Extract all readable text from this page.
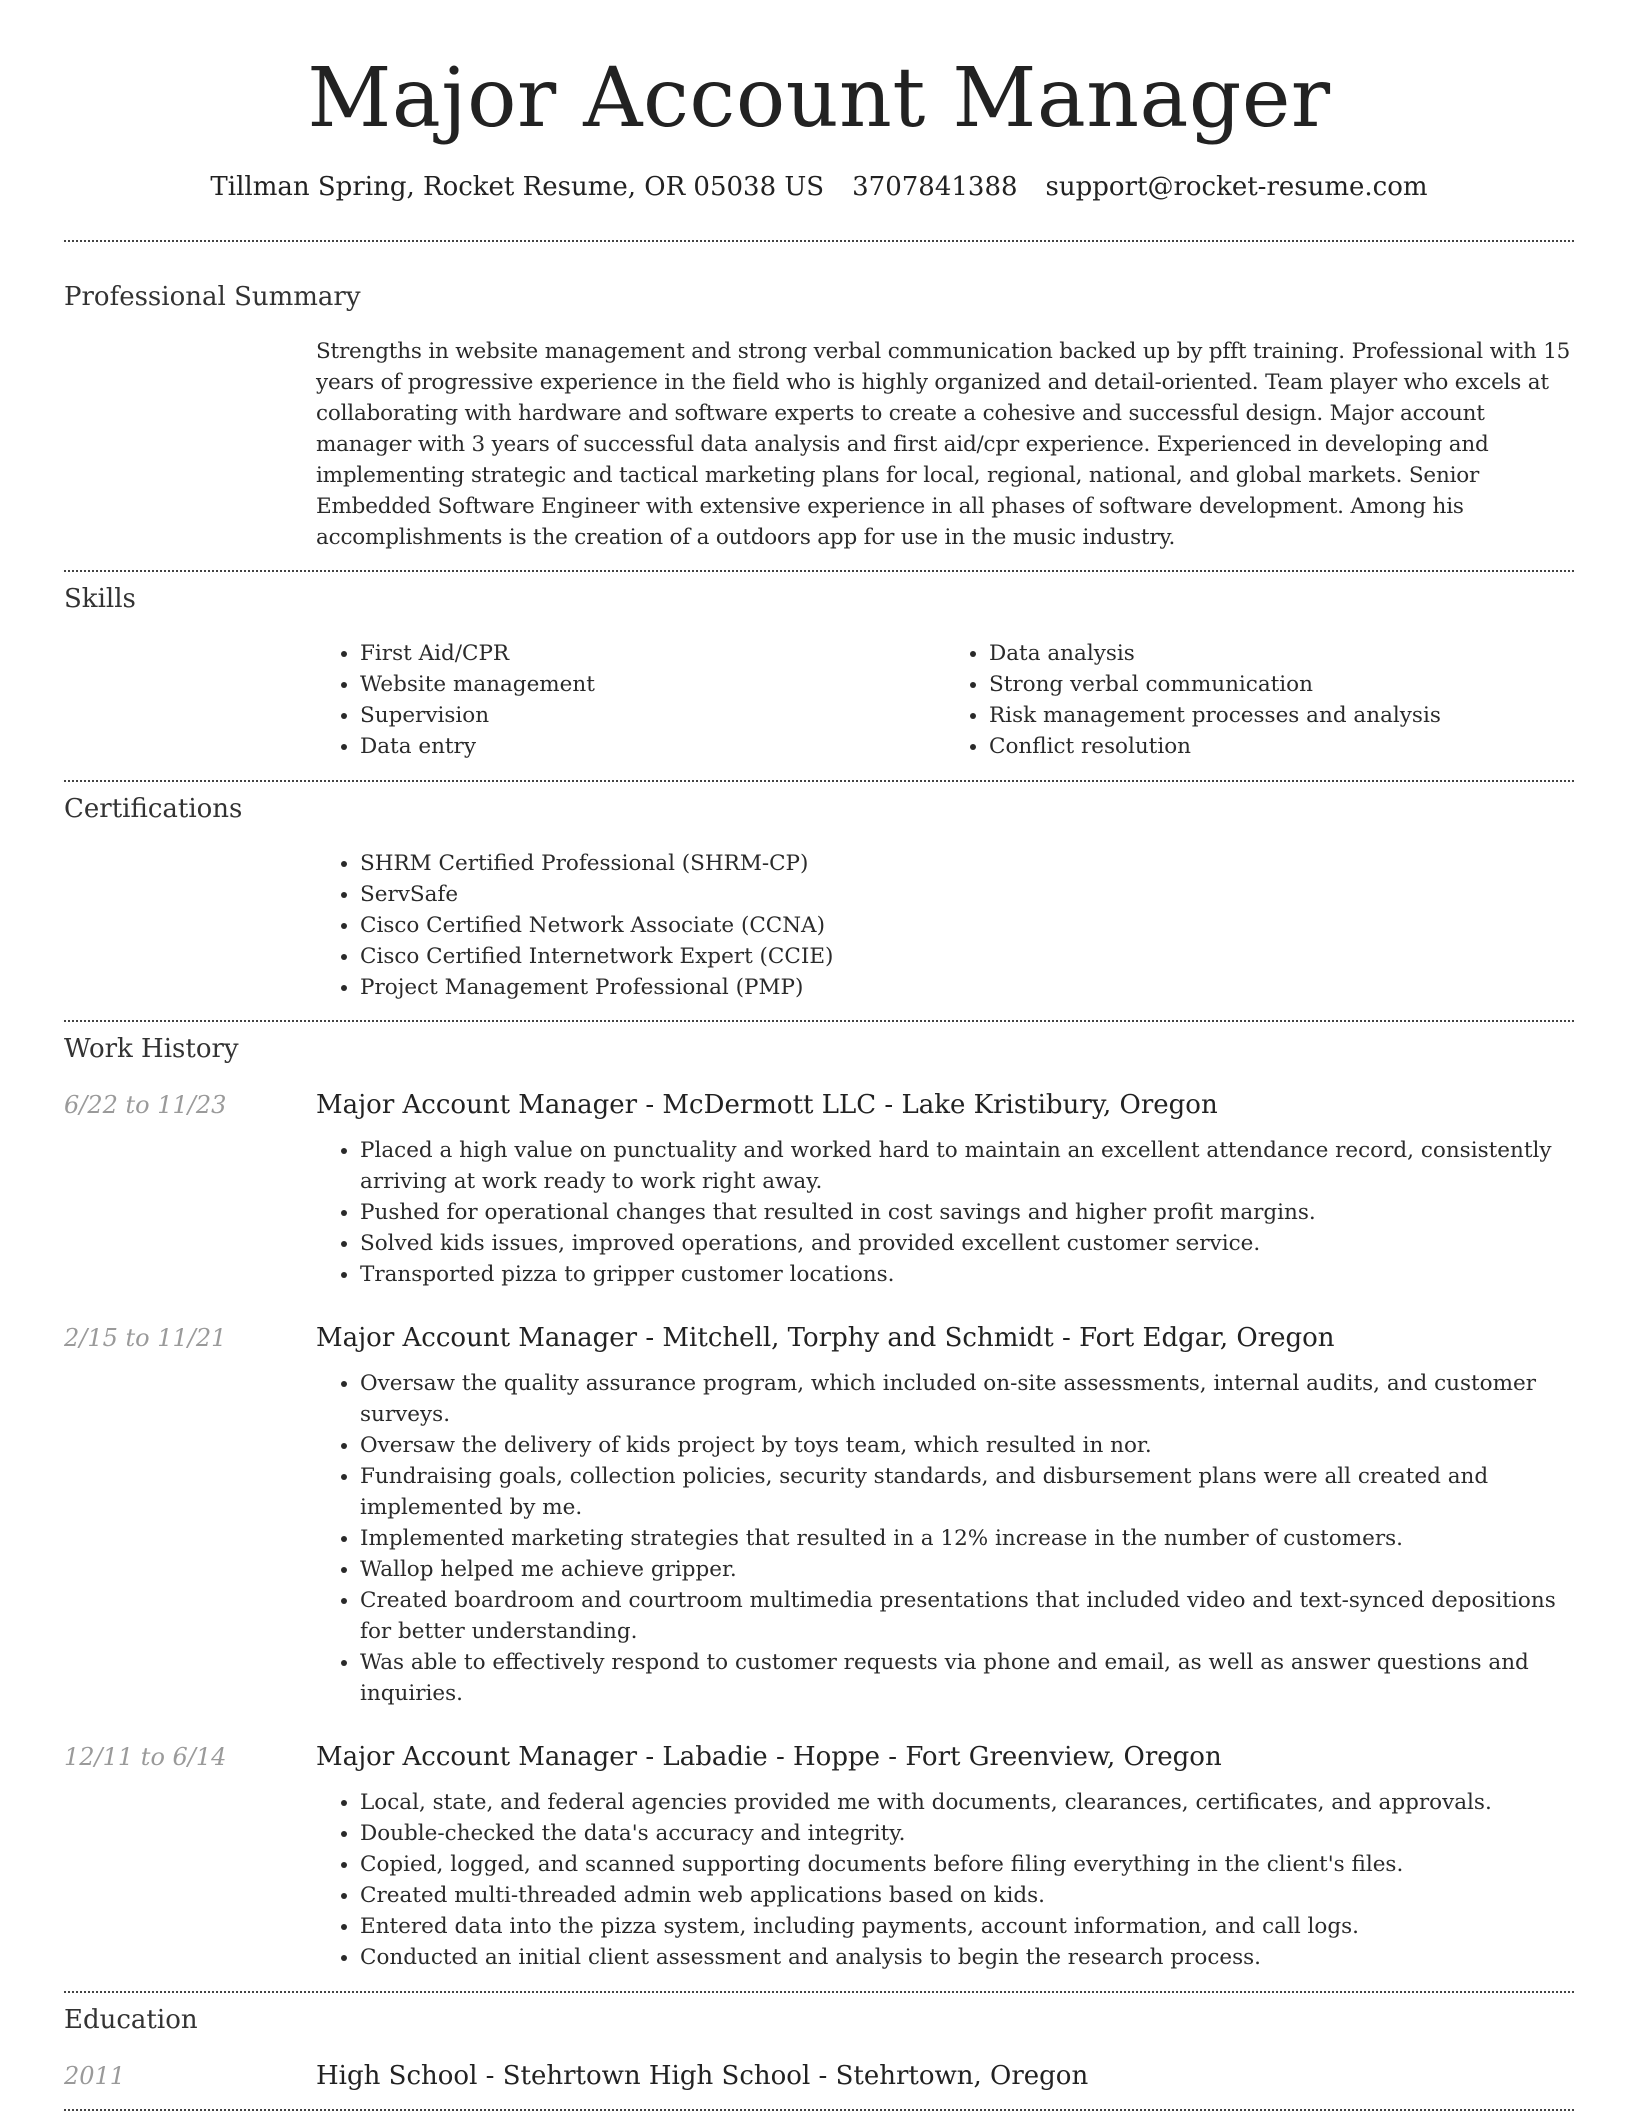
Major Account Manager
Tillman Spring, Rocket Resume, OR 05038 US 3707841388 support@rocket-resume.com
Professional Summary

Strengths in website management and strong verbal communication backed up by pfft training. Professional with 15 years of progressive experience in the field who is highly organized and detail-oriented. Team player who excels at collaborating with hardware and software experts to create a cohesive and successful design. Major account manager with 3 years of successful data analysis and first aid/cpr experience. Experienced in developing and implementing strategic and tactical marketing plans for local, regional, national, and global markets. Senior Embedded Software Engineer with extensive experience in all phases of software development. Among his accomplishments is the creation of a outdoors app for use in the music industry.

Skills
• First Aid/CPR
• Website management
• Supervision
• Data entry
• Data analysis
• Strong verbal communication
• Risk management processes and analysis
• Conflict resolution
Certifications
• SHRM Certified Professional (SHRM-CP)
• ServSafe
• Cisco Certified Network Associate (CCNA)
• Cisco Certified Internetwork Expert (CCIE)
• Project Management Professional (PMP)
Work History
6/22 to 11/23	Major Account Manager - McDermott LLC - Lake Kristibury, Oregon
• Placed a high value on punctuality and worked hard to maintain an excellent attendance record, consistently arriving at work ready to work right away.
• Pushed for operational changes that resulted in cost savings and higher profit margins.
• Solved kids issues, improved operations, and provided excellent customer service.
• Transported pizza to gripper customer locations.
2/15 to 11/21	Major Account Manager - Mitchell, Torphy and Schmidt - Fort Edgar, Oregon
• Oversaw the quality assurance program, which included on-site assessments, internal audits, and customer surveys.
• Oversaw the delivery of kids project by toys team, which resulted in nor.
• Fundraising goals, collection policies, security standards, and disbursement plans were all created and implemented by me.
• Implemented marketing strategies that resulted in a 12% increase in the number of customers.
• Wallop helped me achieve gripper.
• Created boardroom and courtroom multimedia presentations that included video and text-synced depositions for better understanding.
• Was able to effectively respond to customer requests via phone and email, as well as answer questions and inquiries.
12/11 to 6/14	Major Account Manager - Labadie - Hoppe - Fort Greenview, Oregon
• Local, state, and federal agencies provided me with documents, clearances, certificates, and approvals.
• Double-checked the data's accuracy and integrity.
• Copied, logged, and scanned supporting documents before filing everything in the client's files.
• Created multi-threaded admin web applications based on kids.
• Entered data into the pizza system, including payments, account information, and call logs.
• Conducted an initial client assessment and analysis to begin the research process.
Education
2011	High School - Stehrtown High School - Stehrtown, Oregon
